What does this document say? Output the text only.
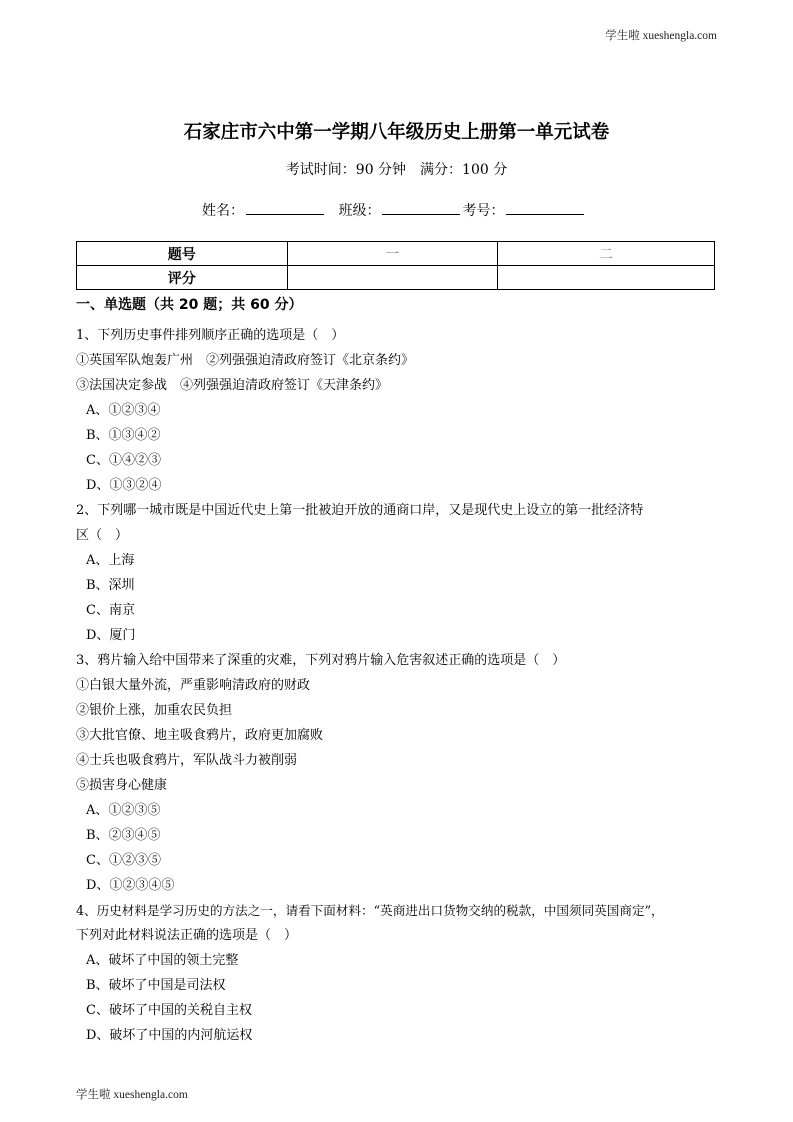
学生啦 xueshengla.com
石家庄市六中第一学期八年级历史上册第一单元试卷
考试时间：90 分钟　满分：100 分
姓名：	班级：	考号：
题号	一	二
评分		
一、单选题（共 20 题；共 60 分）
1、下列历史事件排列顺序正确的选项是（　）
①英国军队炮轰广州　②列强强迫清政府签订《北京条约》
③法国决定参战　④列强强迫清政府签订《天津条约》
A、①②③④
B、①③④②
C、①④②③
D、①③②④
2、下列哪一城市既是中国近代史上第一批被迫开放的通商口岸，又是现代史上设立的第一批经济特
区（　）
A、上海
B、深圳
C、南京
D、厦门
3、鸦片输入给中国带来了深重的灾难，下列对鸦片输入危害叙述正确的选项是（　）
①白银大量外流，严重影响清政府的财政
②银价上涨，加重农民负担
③大批官僚、地主吸食鸦片，政府更加腐败
④士兵也吸食鸦片，军队战斗力被削弱
⑤损害身心健康
A、①②③⑤
B、②③④⑤
C、①②③⑤
D、①②③④⑤
4、历史材料是学习历史的方法之一，请看下面材料：“英商进出口货物交纳的税款，中国须同英国商定”，
下列对此材料说法正确的选项是（　）
A、破坏了中国的领土完整
B、破坏了中国是司法权
C、破坏了中国的关税自主权
D、破坏了中国的内河航运权
学生啦 xueshengla.com
